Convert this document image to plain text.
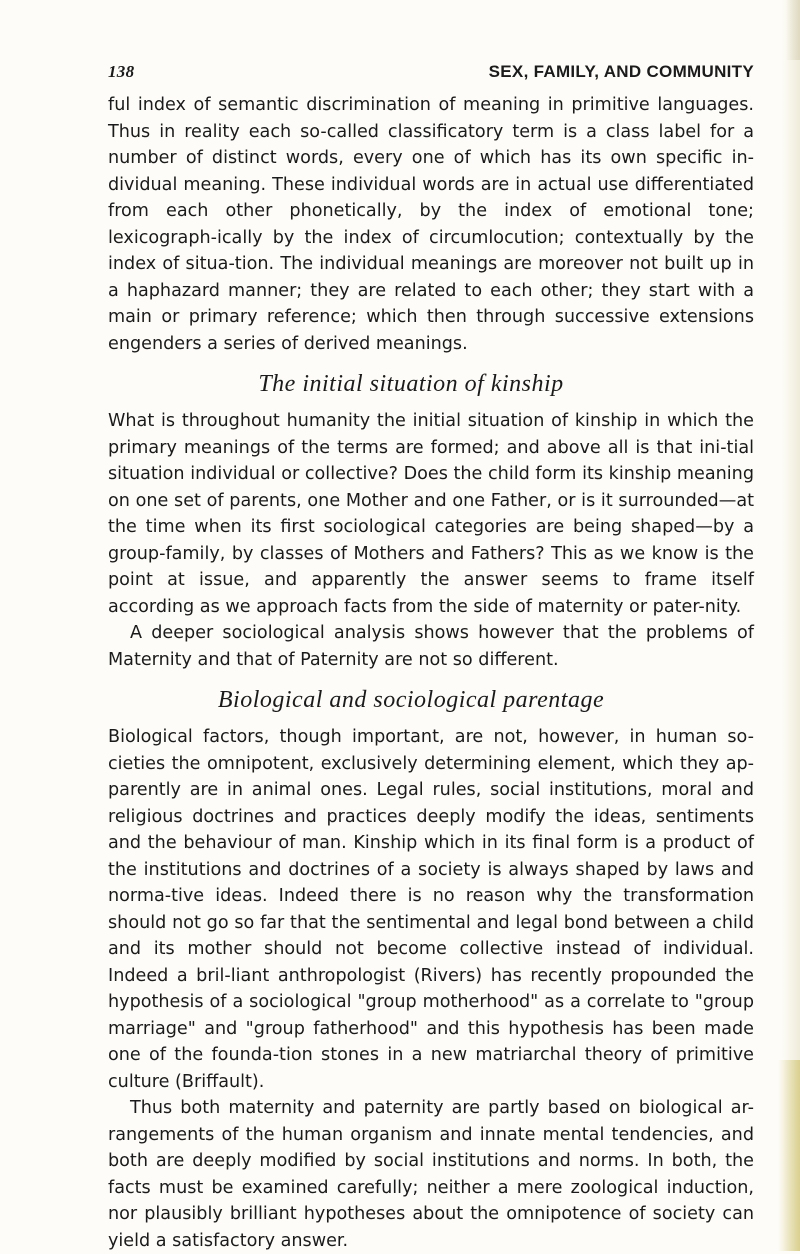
138	SEX, FAMILY, AND COMMUNITY

ful index of semantic discrimination of meaning in primitive languages. Thus in reality each so-called classificatory term is a class label for a number of distinct words, every one of which has its own specific in-dividual meaning. These individual words are in actual use differentiated from each other phonetically, by the index of emotional tone; lexicograph-ically by the index of circumlocution; contextually by the index of situa-tion. The individual meanings are moreover not built up in a haphazard manner; they are related to each other; they start with a main or primary reference; which then through successive extensions engenders a series of derived meanings.

The initial situation of kinship

What is throughout humanity the initial situation of kinship in which the primary meanings of the terms are formed; and above all is that ini-tial situation individual or collective? Does the child form its kinship meaning on one set of parents, one Mother and one Father, or is it surrounded—at the time when its first sociological categories are being shaped—by a group-family, by classes of Mothers and Fathers? This as we know is the point at issue, and apparently the answer seems to frame itself according as we approach facts from the side of maternity or pater-nity.

A deeper sociological analysis shows however that the problems of Maternity and that of Paternity are not so different.

Biological and sociological parentage

Biological factors, though important, are not, however, in human so-cieties the omnipotent, exclusively determining element, which they ap-parently are in animal ones. Legal rules, social institutions, moral and religious doctrines and practices deeply modify the ideas, sentiments and the behaviour of man. Kinship which in its final form is a product of the institutions and doctrines of a society is always shaped by laws and norma-tive ideas. Indeed there is no reason why the transformation should not go so far that the sentimental and legal bond between a child and its mother should not become collective instead of individual. Indeed a bril-liant anthropologist (Rivers) has recently propounded the hypothesis of a sociological "group motherhood" as a correlate to "group marriage" and "group fatherhood" and this hypothesis has been made one of the founda-tion stones in a new matriarchal theory of primitive culture (Briffault).

Thus both maternity and paternity are partly based on biological ar-rangements of the human organism and innate mental tendencies, and both are deeply modified by social institutions and norms. In both, the facts must be examined carefully; neither a mere zoological induction, nor plausibly brilliant hypotheses about the omnipotence of society can yield a satisfactory answer.
